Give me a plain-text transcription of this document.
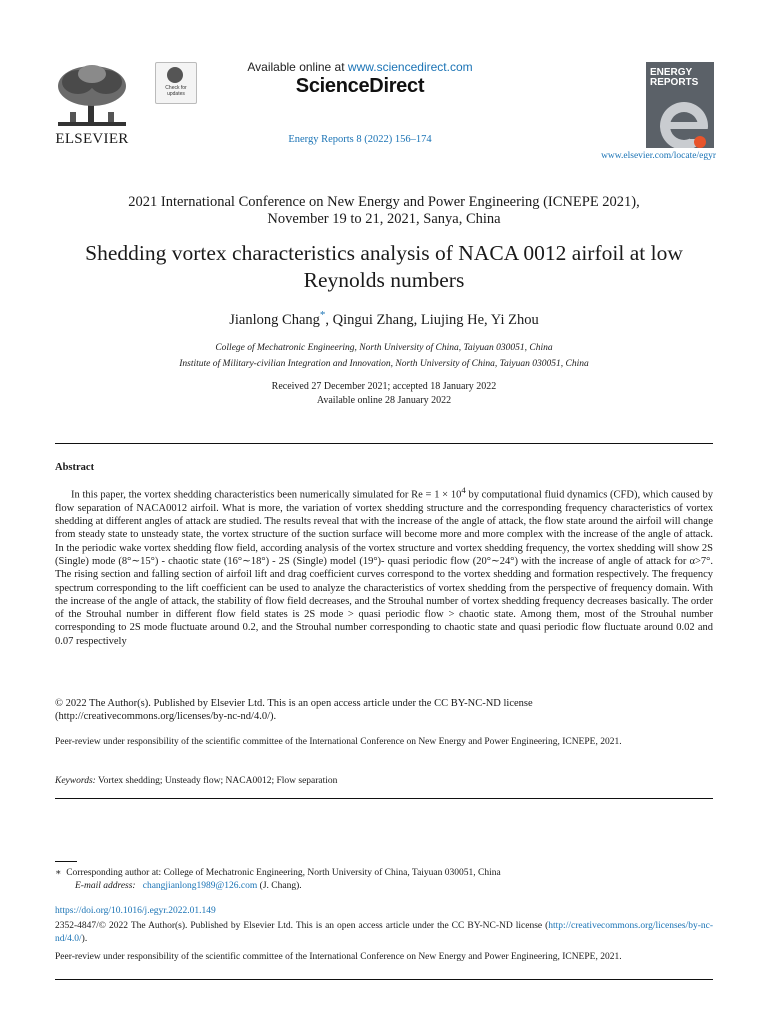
ELSEVIER
Check for updates
Available online at www.sciencedirect.com
ScienceDirect
Energy Reports 8 (2022) 156–174
ENERGY
REPORTS
www.elsevier.com/locate/egyr
2021 International Conference on New Energy and Power Engineering (ICNEPE 2021),
November 19 to 21, 2021, Sanya, China
Shedding vortex characteristics analysis of NACA 0012 airfoil at low
Reynolds numbers
Jianlong Chang*, Qingui Zhang, Liujing He, Yi Zhou
College of Mechatronic Engineering, North University of China, Taiyuan 030051, China
Institute of Military-civilian Integration and Innovation, North University of China, Taiyuan 030051, China
Received 27 December 2021; accepted 18 January 2022
Available online 28 January 2022
Abstract

In this paper, the vortex shedding characteristics been numerically simulated for $Re = 1 \times 10^4$ by computational fluid dynamics (CFD), which caused by flow separation of NACA0012 airfoil. What is more, the variation of vortex shedding structure and the corresponding frequency characteristics of vortex shedding at different angles of attack are studied. The results reveal that with the increase of the angle of attack, the flow state around the airfoil will change from steady state to unsteady state, the vortex structure of the suction surface will become more and more complex with the increase of the angle of attack. In the periodic wake vortex shedding flow field, according analysis of the vortex structure and vortex shedding frequency, the vortex shedding will show 2S (Single) mode (8°∼15°) - chaotic state (16°∼18°) - 2S (Single) model (19°)- quasi periodic flow (20°∼24°) with the increase of angle of attack for α>7°. The rising section and falling section of airfoil lift and drag coefficient curves correspond to the vortex shedding and formation respectively. The frequency spectrum corresponding to the lift coefficient can be used to analyze the characteristics of vortex shedding from the perspective of frequency domain. With the increase of the angle of attack, the stability of flow field decreases, and the Strouhal number of vortex shedding frequency decreases basically. The order of the Strouhal number in different flow field states is 2S mode > quasi periodic flow > chaotic state. Among them, most of the Strouhal number corresponding to 2S mode fluctuate around 0.2, and the Strouhal number corresponding to chaotic state and quasi periodic flow fluctuate around 0.02 and 0.07 respectively

© 2022 The Author(s). Published by Elsevier Ltd. This is an open access article under the CC BY-NC-ND license
(http://creativecommons.org/licenses/by-nc-nd/4.0/).
Peer-review under responsibility of the scientific committee of the International Conference on New Energy and Power Engineering, ICNEPE, 2021.
Keywords: Vortex shedding; Unsteady flow; NACA0012; Flow separation
∗ Corresponding author at: College of Mechatronic Engineering, North University of China, Taiyuan 030051, China
E-mail address: changjianlong1989@126.com (J. Chang).
https://doi.org/10.1016/j.egyr.2022.01.149
2352-4847/© 2022 The Author(s). Published by Elsevier Ltd. This is an open access article under the CC BY-NC-ND license (http://creativecommons.org/licenses/by-nc-nd/4.0/).
Peer-review under responsibility of the scientific committee of the International Conference on New Energy and Power Engineering, ICNEPE, 2021.
